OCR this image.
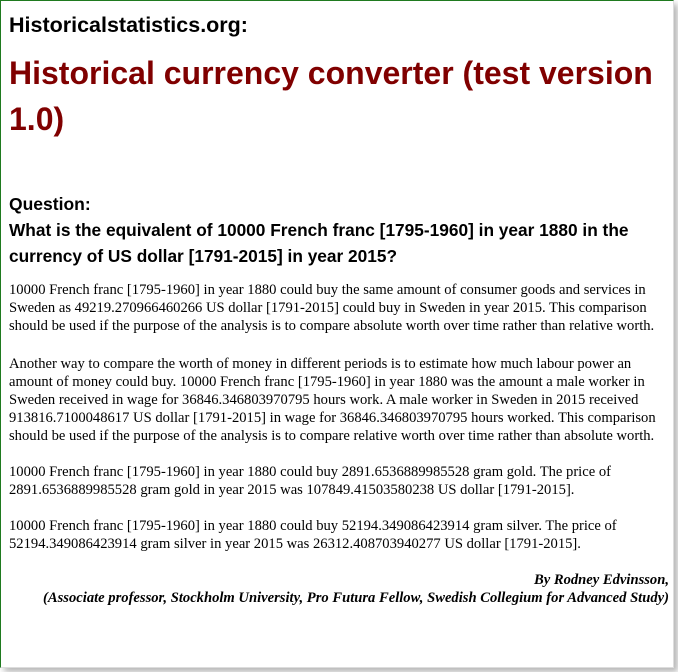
Historicalstatistics.org:
Historical currency converter (test version 1.0)
Question:
What is the equivalent of 10000 French franc [1795-1960] in year 1880 in the currency of US dollar [1791-2015] in year 2015?

10000 French franc [1795-1960] in year 1880 could buy the same amount of consumer goods and services in Sweden as 49219.270966460266 US dollar [1791-2015] could buy in Sweden in year 2015. This comparison should be used if the purpose of the analysis is to compare absolute worth over time rather than relative worth.

Another way to compare the worth of money in different periods is to estimate how much labour power an amount of money could buy. 10000 French franc [1795-1960] in year 1880 was the amount a male worker in Sweden received in wage for 36846.346803970795 hours work. A male worker in Sweden in 2015 received 913816.7100048617 US dollar [1791-2015] in wage for 36846.346803970795 hours worked. This comparison should be used if the purpose of the analysis is to compare relative worth over time rather than absolute worth.

10000 French franc [1795-1960] in year 1880 could buy 2891.6536889985528 gram gold. The price of 2891.6536889985528 gram gold in year 2015 was 107849.41503580238 US dollar [1791-2015].

10000 French franc [1795-1960] in year 1880 could buy 52194.349086423914 gram silver. The price of 52194.349086423914 gram silver in year 2015 was 26312.408703940277 US dollar [1791-2015].

By Rodney Edvinsson,
(Associate professor, Stockholm University, Pro Futura Fellow, Swedish Collegium for Advanced Study)
